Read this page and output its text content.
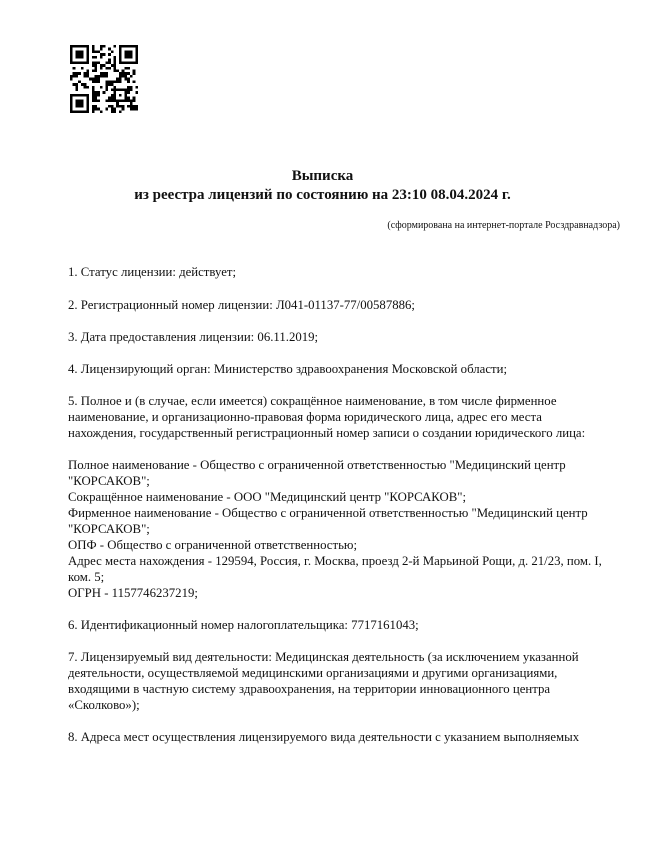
Выписка
из реестра лицензий по состоянию на 23:10 08.04.2024 г.
(сформирована на интернет-портале Росздравнадзора)

1. Статус лицензии: действует;

2. Регистрационный номер лицензии: Л041-01137-77/00587886;

3. Дата предоставления лицензии: 06.11.2019;

4. Лицензирующий орган: Министерство здравоохранения Московской области;

5. Полное и (в случае, если имеется) сокращённое наименование, в том числе фирменное наименование, и организационно-правовая форма юридического лица, адрес его места нахождения, государственный регистрационный номер записи о создании юридического лица:

Полное наименование - Общество с ограниченной ответственностью "Медицинский центр "КОРСАКОВ";

Сокращённое наименование - ООО "Медицинский центр "КОРСАКОВ";

Фирменное наименование - Общество с ограниченной ответственностью "Медицинский центр "КОРСАКОВ";

ОПФ - Общество с ограниченной ответственностью;

Адрес места нахождения - 129594, Россия, г. Москва, проезд 2-й Марьиной Рощи, д. 21/23, пом. I, ком. 5;

ОГРН - 1157746237219;

6. Идентификационный номер налогоплательщика: 7717161043;

7. Лицензируемый вид деятельности: Медицинская деятельность (за исключением указанной деятельности, осуществляемой медицинскими организациями и другими организациями, входящими в частную систему здравоохранения, на территории инновационного центра «Сколково»);

8. Адреса мест осуществления лицензируемого вида деятельности с указанием выполняемых
